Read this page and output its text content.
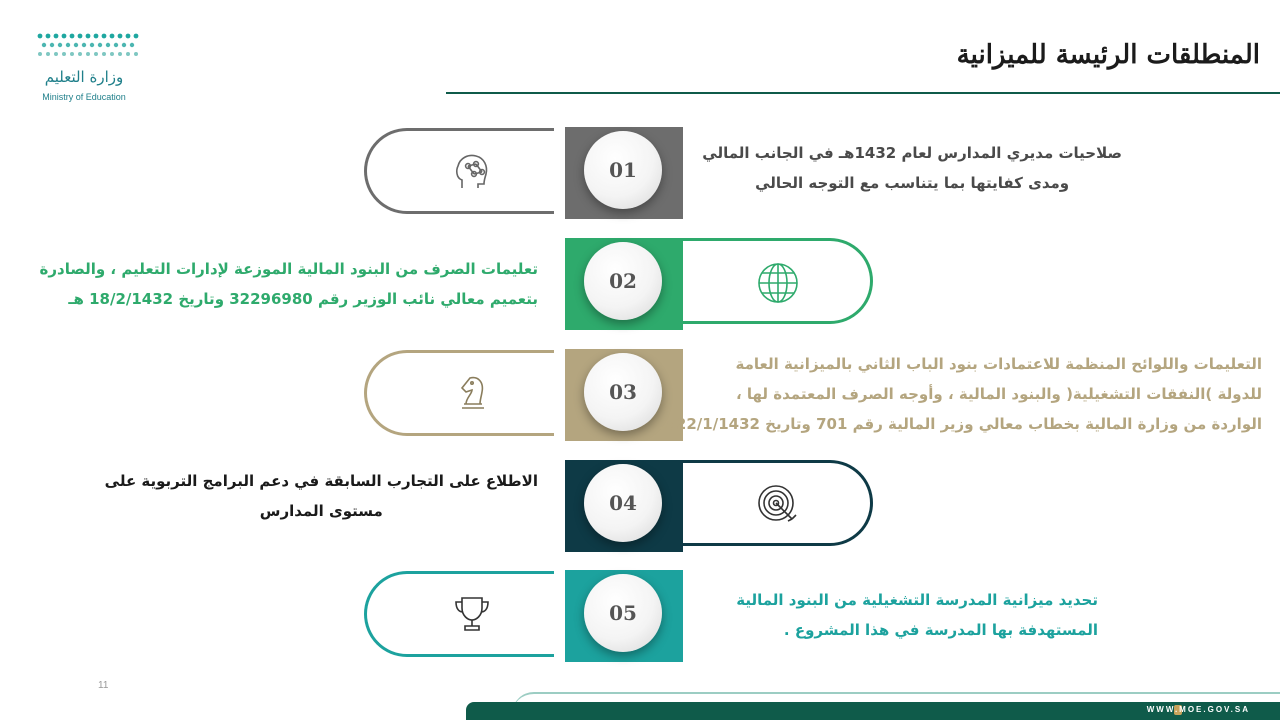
وزارة التعليم
Ministry of Education
المنطلقات الرئيسة للميزانية
01
صلاحيات مديري المدارس لعام 1432هـ في الجانب المالي
ومدى كفايتها بما يتناسب مع التوجه الحالي
02
تعليمات الصرف من البنود المالية الموزعة لإدارات التعليم ، والصادرة
بتعميم معالي نائب الوزير رقم 32296980 وتاريخ 18/2/1432 هـ
03
التعليمات واللوائح المنظمة للاعتمادات بنود الباب الثاني بالميزانية العامة
للدولة )النفقات التشغيلية( والبنود المالية ، وأوجه الصرف المعتمدة لها ،
الواردة من وزارة المالية بخطاب معالي وزير المالية رقم 701 وتاريخ 22/1/1432هـ
04
الاطلاع على التجارب السابقة في دعم البرامج التربوية على
مستوى المدارس
05
تحديد ميزانية المدرسة التشغيلية من البنود المالية
المستهدفة بها المدرسة في هذا المشروع .
11
WWW.MOE.GOV.SA
